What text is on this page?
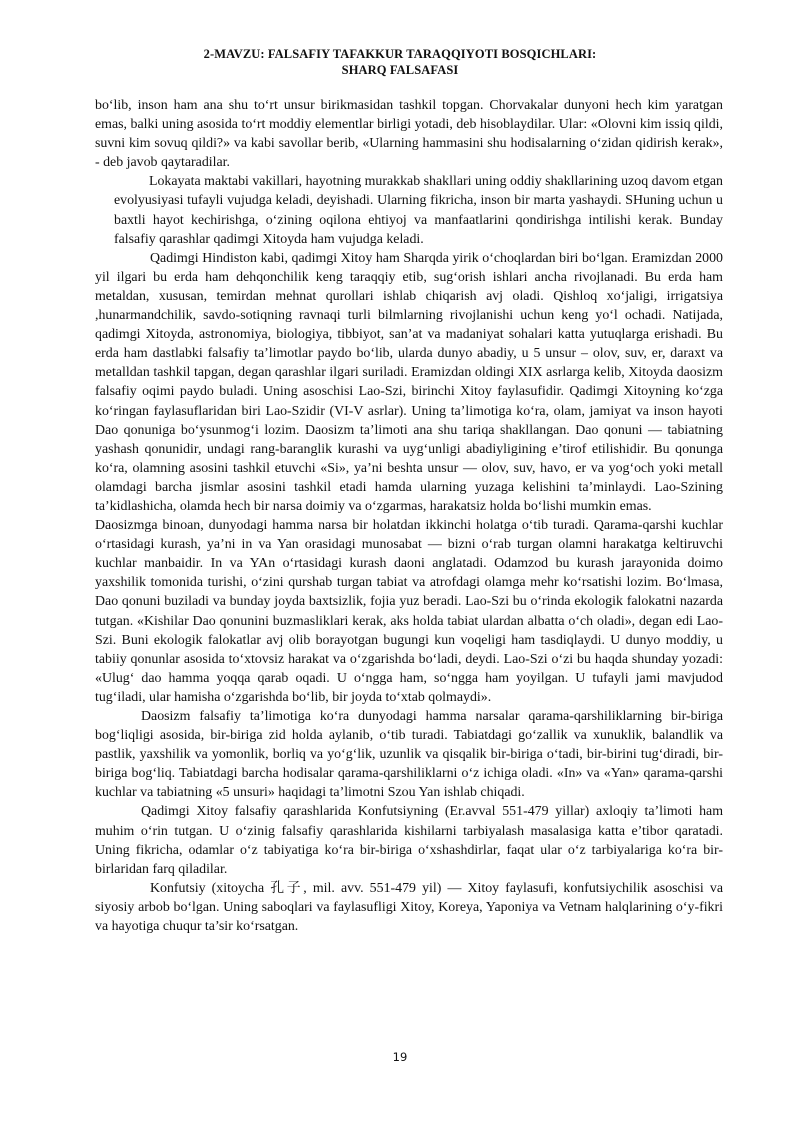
2-MAVZU: FALSAFIY TAFAKKUR TARAQQIYOTI BOSQICHLARI:
SHARQ FALSAFASI

bo‘lib, inson ham ana shu to‘rt unsur birikmasidan tashkil topgan. Chorvakalar dunyoni hech kim yaratgan emas, balki uning asosida to‘rt moddiy elementlar birligi yotadi, deb hisoblaydilar. Ular: «Olovni kim issiq qildi, suvni kim sovuq qildi?» va kabi savollar berib, «Ularning hammasini shu hodisalarning o‘zidan qidirish kerak», - deb javob qaytaradilar.

Lokayata maktabi vakillari, hayotning murakkab shakllari uning oddiy shakllarining uzoq davom etgan evolyusiyasi tufayli vujudga keladi, deyishadi. Ularning fikricha, inson bir marta yashaydi. SHuning uchun u baxtli hayot kechirishga, o‘zining oqilona ehtiyoj va manfaatlarini qondirishga intilishi kerak. Bunday falsafiy qarashlar qadimgi Xitoyda ham vujudga keladi.

Qadimgi Hindiston kabi, qadimgi Xitoy ham Sharqda yirik o‘choqlardan biri bo‘lgan. Eramizdan 2000 yil ilgari bu erda ham dehqonchilik keng taraqqiy etib, sug‘orish ishlari ancha rivojlanadi. Bu erda ham metaldan, xususan, temirdan mehnat qurollari ishlab chiqarish avj oladi. Qishloq xo‘jaligi, irrigatsiya ,hunarmandchilik, savdo-sotiqning ravnaqi turli bilmlarning rivojlanishi uchun keng yo‘l ochadi. Natijada, qadimgi Xitoyda, astronomiya, biologiya, tibbiyot, san’at va madaniyat sohalari katta yutuqlarga erishadi. Bu erda ham dastlabki falsafiy ta’limotlar paydo bo‘lib, ularda dunyo abadiy, u 5 unsur – olov, suv, er, daraxt va metalldan tashkil tapgan, degan qarashlar ilgari suriladi. Eramizdan oldingi XIX asrlarga kelib, Xitoyda daosizm falsafiy oqimi paydo buladi. Uning asoschisi Lao-Szi, birinchi Xitoy faylasufidir. Qadimgi Xitoyning ko‘zga ko‘ringan faylasuflaridan biri Lao-Szidir (VI-V asrlar). Uning ta’limotiga ko‘ra, olam, jamiyat va inson hayoti Dao qonuniga bo‘ysunmog‘i lozim. Daosizm ta’limoti ana shu tariqa shakllangan. Dao qonuni — tabiatning yashash qonunidir, undagi rang-baranglik kurashi va uyg‘unligi abadiyligining e’tirof etilishidir. Bu qonunga ko‘ra, olamning asosini tashkil etuvchi «Si», ya’ni beshta unsur — olov, suv, havo, er va yog‘och yoki metall olamdagi barcha jismlar asosini tashkil etadi hamda ularning yuzaga kelishini ta’minlaydi. Lao-Szining ta’kidlashicha, olamda hech bir narsa doimiy va o‘zgarmas, harakatsiz holda bo‘lishi mumkin emas.

Daosizmga binoan, dunyodagi hamma narsa bir holatdan ikkinchi holatga o‘tib turadi. Qarama-qarshi kuchlar o‘rtasidagi kurash, ya’ni in va Yan orasidagi munosabat — bizni o‘rab turgan olamni harakatga keltiruvchi kuchlar manbaidir. In va YAn o‘rtasidagi kurash daoni anglatadi. Odamzod bu kurash jarayonida doimo yaxshilik tomonida turishi, o‘zini qurshab turgan tabiat va atrofdagi olamga mehr ko‘rsatishi lozim. Bo‘lmasa, Dao qonuni buziladi va bunday joyda baxtsizlik, fojia yuz beradi. Lao-Szi bu o‘rinda ekologik falokatni nazarda tutgan. «Kishilar Dao qonunini buzmasliklari kerak, aks holda tabiat ulardan albatta o‘ch oladi», degan edi Lao-Szi. Buni ekologik falokatlar avj olib borayotgan bugungi kun voqeligi ham tasdiqlaydi. U dunyo moddiy, u tabiiy qonunlar asosida to‘xtovsiz harakat va o‘zgarishda bo‘ladi, deydi. Lao-Szi o‘zi bu haqda shunday yozadi: «Ulug‘ dao hamma yoqqa qarab oqadi. U o‘ngga ham, so‘ngga ham yoyilgan. U tufayli jami mavjudod tug‘iladi, ular hamisha o‘zgarishda bo‘lib, bir joyda to‘xtab qolmaydi».

Daosizm falsafiy ta’limotiga ko‘ra dunyodagi hamma narsalar qarama-qarshiliklarning bir-biriga bog‘liqligi asosida, bir-biriga zid holda aylanib, o‘tib turadi. Tabiatdagi go‘zallik va xunuklik, balandlik va pastlik, yaxshilik va yomonlik, borliq va yo‘g‘lik, uzunlik va qisqalik bir-biriga o‘tadi, bir-birini tug‘diradi, bir-biriga bog‘liq. Tabiatdagi barcha hodisalar qarama-qarshiliklarni o‘z ichiga oladi. «In» va «Yan» qarama-qarshi kuchlar va tabiatning «5 unsuri» haqidagi ta’limotni Szou Yan ishlab chiqadi.

Qadimgi Xitoy falsafiy qarashlarida Konfutsiyning (Er.avval 551-479 yillar) axloqiy ta’limoti ham muhim o‘rin tutgan. U o‘zinig falsafiy qarashlarida kishilarni tarbiyalash masalasiga katta e’tibor qaratadi. Uning fikricha, odamlar o‘z tabiyatiga ko‘ra bir-biriga o‘xshashdirlar, faqat ular o‘z tarbiyalariga ko‘ra bir-birlaridan farq qiladilar.

Konfutsiy (xitoycha 孔子, mil. avv. 551-479 yil) — Xitoy faylasufi, konfutsiychilik asoschisi va siyosiy arbob bo‘lgan. Uning saboqlari va faylasufligi Xitoy, Koreya, Yaponiya va Vetnam halqlarining o‘y-fikri va hayotiga chuqur ta’sir ko‘rsatgan.

19
